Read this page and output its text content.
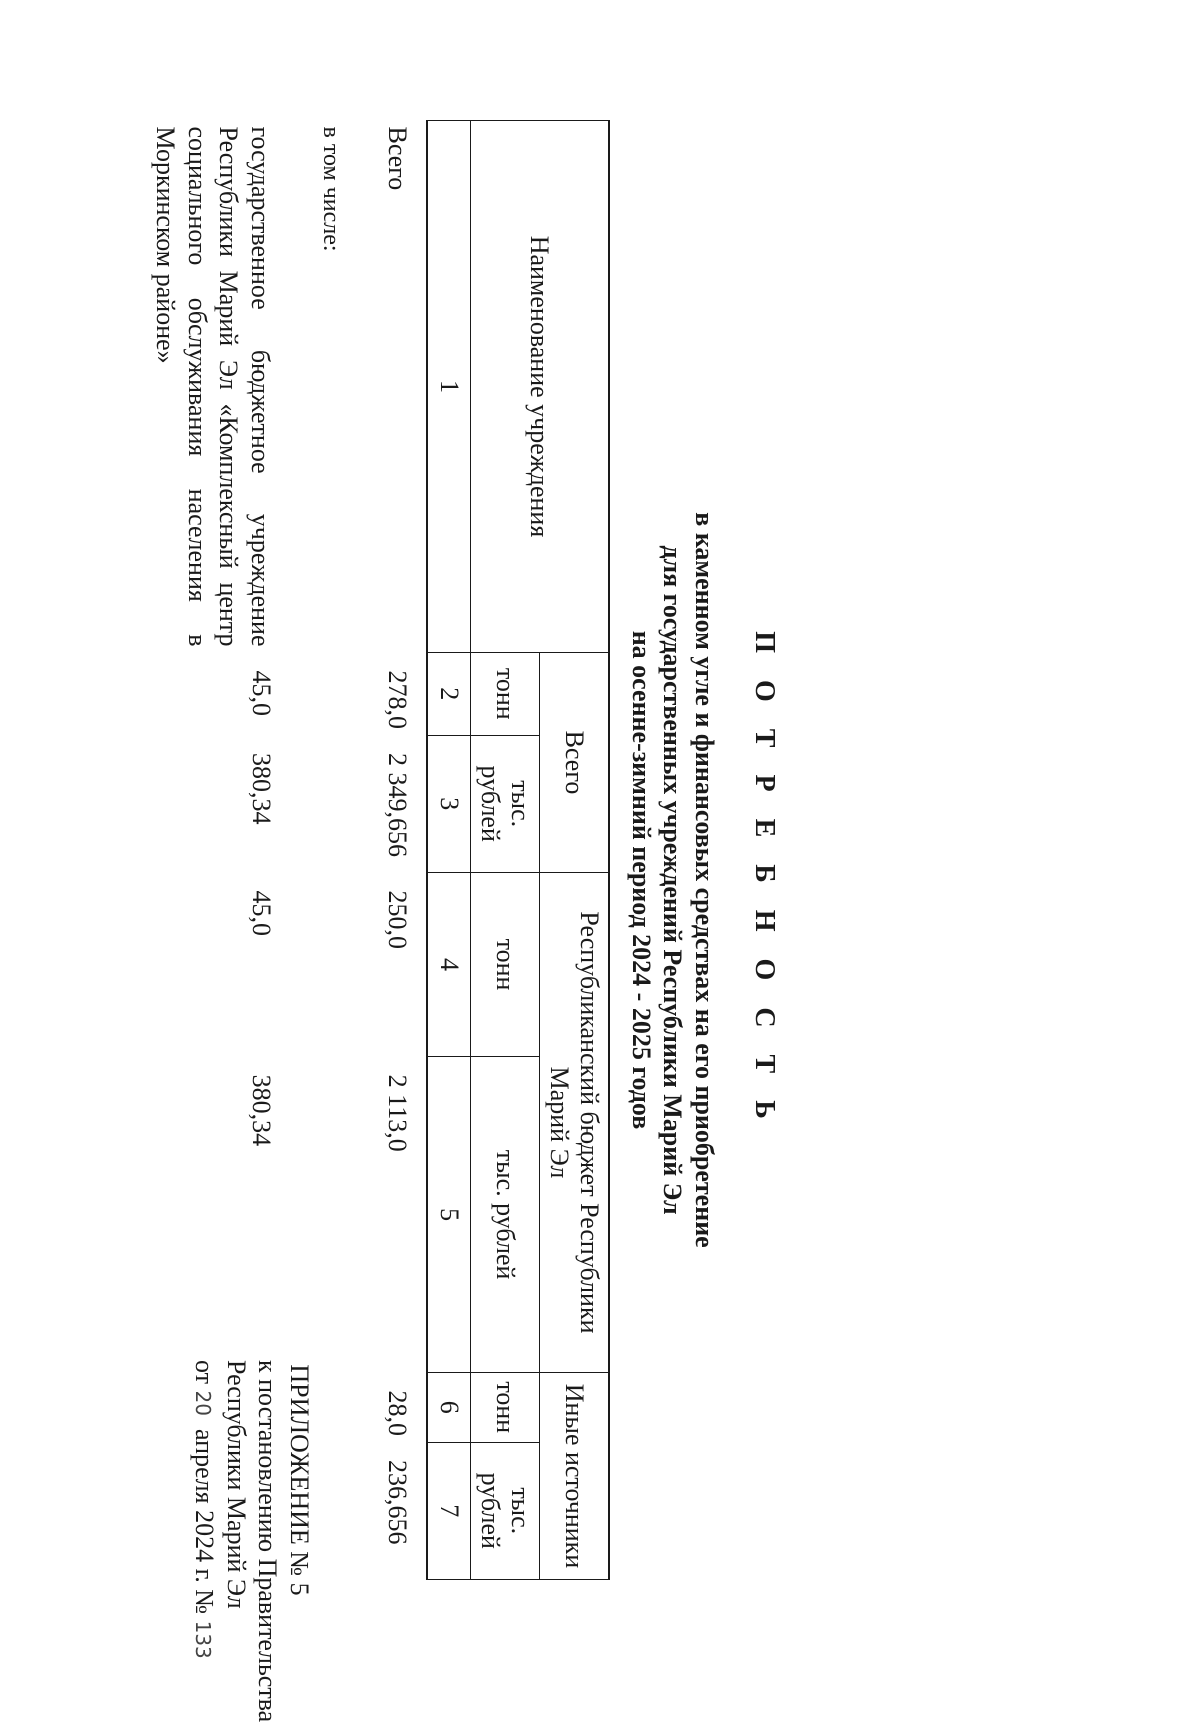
ПРИЛОЖЕНИЕ № 5
к постановлению Правительства
Республики Марий Эл
от 20  апреля 2024 г. № 133
П О Т Р Е Б Н О С Т Ь
в каменном угле и финансовых средствах на его приобретение
для государственных учреждений Республики Марий Эл
на осенне-зимний период 2024 - 2025 годов
Наименование учреждения	Всего		Республиканский бюджет Республики Марий Эл		Иные источники	
	тонн	тыс. рублей	тонн	тыс. рублей	тонн	тыс. рублей
1	2	3	4	5	6	7
Всего	278,0	2 349,656	250,0	2 113,0	28,0	236,656
в том числе:						

государственное бюджетное учреждение Республики Марий Эл «Комплексный центр социального обслуживания населения в Моркинском районе»	45,0	380,34	45,0	380,34		
